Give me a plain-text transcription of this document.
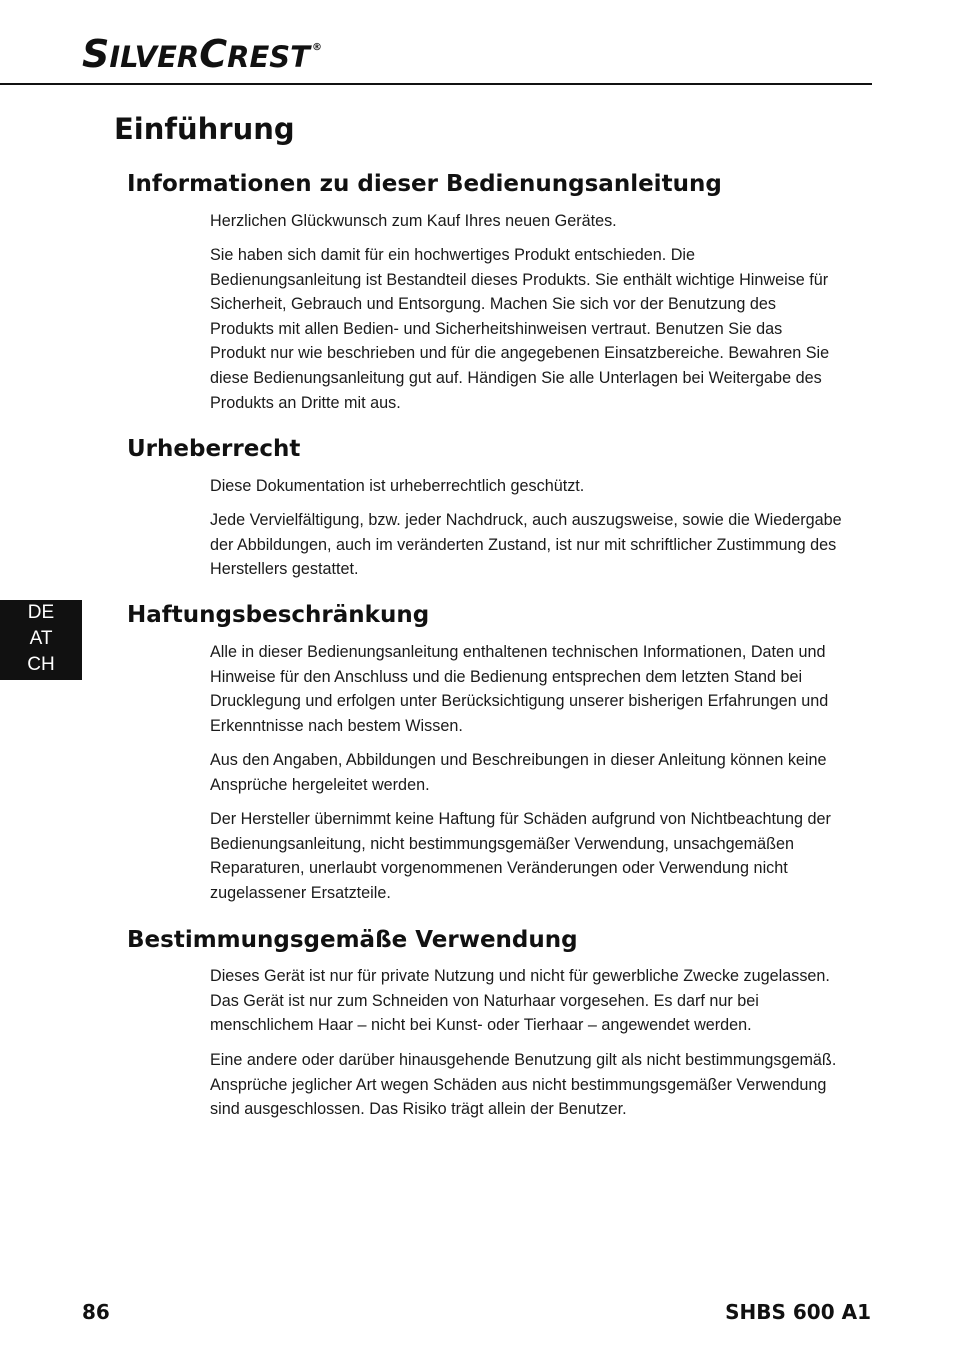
SILVERCREST ®
Einführung
Informationen zu dieser Bedienungsanleitung

Herzlichen Glückwunsch zum Kauf Ihres neuen Gerätes.

Sie haben sich damit für ein hochwertiges Produkt entschieden. Die Bedienungsanleitung ist Bestandteil dieses Produkts. Sie enthält wichtige Hinweise für Sicherheit, Gebrauch und Entsorgung. Machen Sie sich vor der Benutzung des Produkts mit allen Bedien- und Sicherheitshinweisen vertraut. Benutzen Sie das Produkt nur wie beschrieben und für die angegebenen Einsatzbereiche. Bewahren Sie diese Bedienungsanleitung gut auf. Händigen Sie alle Unterlagen bei Weitergabe des Produkts an Dritte mit aus.

Urheberrecht

Diese Dokumentation ist urheberrechtlich geschützt.

Jede Vervielfältigung, bzw. jeder Nachdruck, auch auszugsweise, sowie die Wiedergabe der Abbildungen, auch im veränderten Zustand, ist nur mit schriftlicher Zustimmung des Herstellers gestattet.

Haftungsbeschränkung

Alle in dieser Bedienungsanleitung enthaltenen technischen Informationen, Daten und Hinweise für den Anschluss und die Bedienung entsprechen dem letzten Stand bei Drucklegung und erfolgen unter Berücksichtigung unserer bisherigen Erfahrungen und Erkenntnisse nach bestem Wissen.

Aus den Angaben, Abbildungen und Beschreibungen in dieser Anleitung können keine Ansprüche hergeleitet werden.

Der Hersteller übernimmt keine Haftung für Schäden aufgrund von Nichtbeachtung der Bedienungsanleitung, nicht bestimmungsgemäßer Verwendung, unsachgemäßen Reparaturen, unerlaubt vorgenommenen Veränderungen oder Verwendung nicht zugelassener Ersatzteile.

Bestimmungsgemäße Verwendung

Dieses Gerät ist nur für private Nutzung und nicht für gewerbliche Zwecke zugelassen. Das Gerät ist nur zum Schneiden von Naturhaar vorgesehen. Es darf nur bei menschlichem Haar – nicht bei Kunst- oder Tierhaar – angewendet werden.

Eine andere oder darüber hinausgehende Benutzung gilt als nicht bestimmungsgemäß. Ansprüche jeglicher Art wegen Schäden aus nicht bestimmungsgemäßer Verwendung sind ausgeschlossen. Das Risiko trägt allein der Benutzer.

DE
AT
CH
86	SHBS 600 A1
